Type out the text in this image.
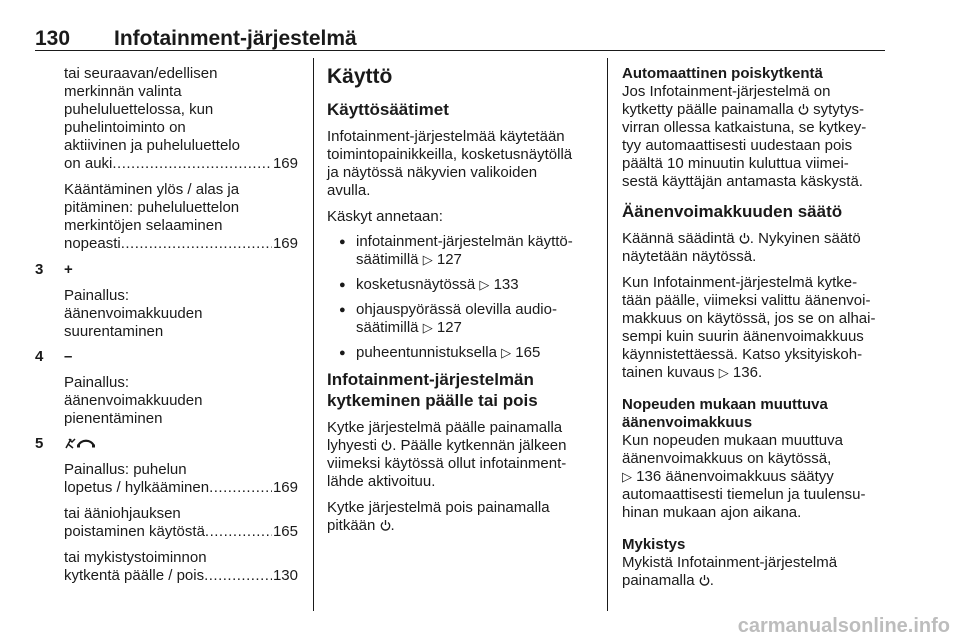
130 Infotainment-järjestelmä
tai seuraavan/edellisen
merkinnän valinta
puheluluettelossa, kun
puhelintoiminto on
aktiivinen ja puheluluettelo
on auki .....	169
Kääntäminen ylös / alas ja
pitäminen: puheluluettelon
merkintöjen selaaminen
nopeasti .....	169
3 +
Painallus:
äänenvoimakkuuden
suurentaminen
4 –
Painallus:
äänenvoimakkuuden
pienentäminen
5
Painallus: puhelun
lopetus / hylkääminen .....	169
tai ääniohjauksen
poistaminen käytöstä .....	165
tai mykistystoiminnon
kytkentä päälle / pois .....	130
Käyttö
Käyttösäätimet

Infotainment-järjestelmää käytetään
toimintopainikkeilla, kosketusnäytöllä
ja näytössä näkyvien valikoiden
avulla.

Käskyt annetaan:

● infotainment-järjestelmän käyttö-
säätimillä ▷ 127
● kosketusnäytössä ▷ 133
● ohjauspyörässä olevilla audio-
säätimillä ▷ 127
● puheentunnistuksella ▷ 165
Infotainment-järjestelmän
kytkeminen päälle tai pois

Kytke järjestelmä päälle painamalla
lyhyesti . Päälle kytkennän jälkeen
viimeksi käytössä ollut infotainment-
lähde aktivoituu.

Kytke järjestelmä pois painamalla
pitkään .

Automaattinen poiskytkentä

Jos Infotainment-järjestelmä on
kytketty päälle painamalla sytytys-
virran ollessa katkaistuna, se kytkey-
tyy automaattisesti uudestaan pois
päältä 10 minuutin kuluttua viimei-
sestä käyttäjän antamasta käskystä.

Äänenvoimakkuuden säätö

Käännä säädintä . Nykyinen säätö
näytetään näytössä.

Kun Infotainment-järjestelmä kytke-
tään päälle, viimeksi valittu äänenvoi-
makkuus on käytössä, jos se on alhai-
sempi kuin suurin äänenvoimakkuus
käynnistettäessä. Katso yksityiskoh-
tainen kuvaus ▷ 136.

Nopeuden mukaan muuttuva
äänenvoimakkuus

Kun nopeuden mukaan muuttuva
äänenvoimakkuus on käytössä,
▷ 136 äänenvoimakkuus säätyy
automaattisesti tiemelun ja tuulensu-
hinan mukaan ajon aikana.

Mykistys

Mykistä Infotainment-järjestelmä
painamalla .

carmanualsonline.info
